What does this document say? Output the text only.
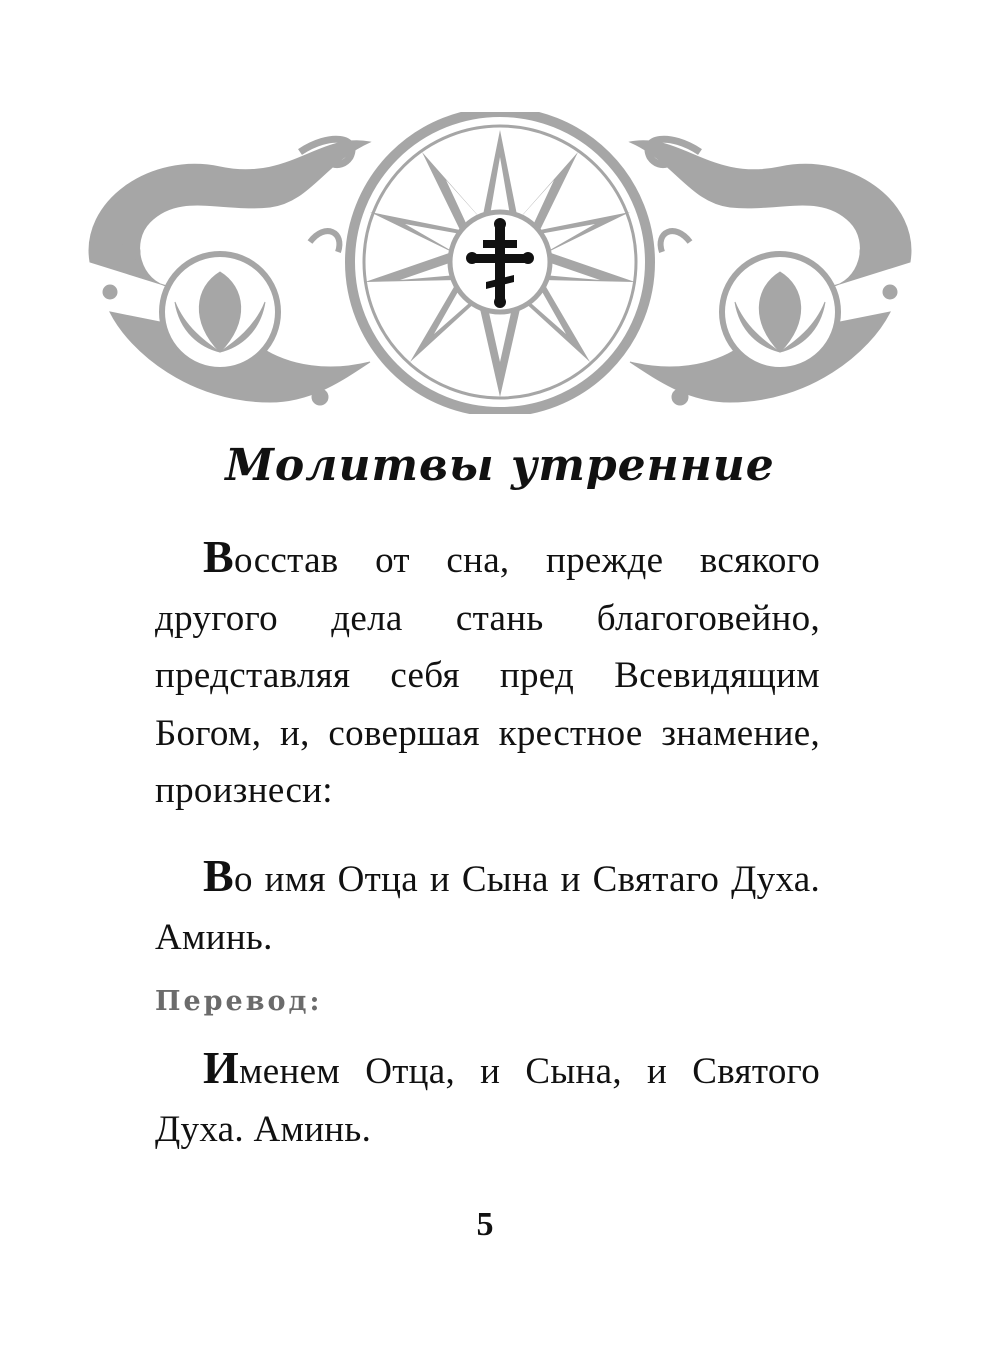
Молитвы утренние

Восстав от сна, прежде всякого другого дела стань благоговейно, представляя себя пред Всевидящим Богом, и, совершая крестное знамение, произнеси:

Во имя Отца и Сына и Святаго Духа. Аминь.

Перевод:

Именем Отца, и Сына, и Святого Духа. Аминь.

5
